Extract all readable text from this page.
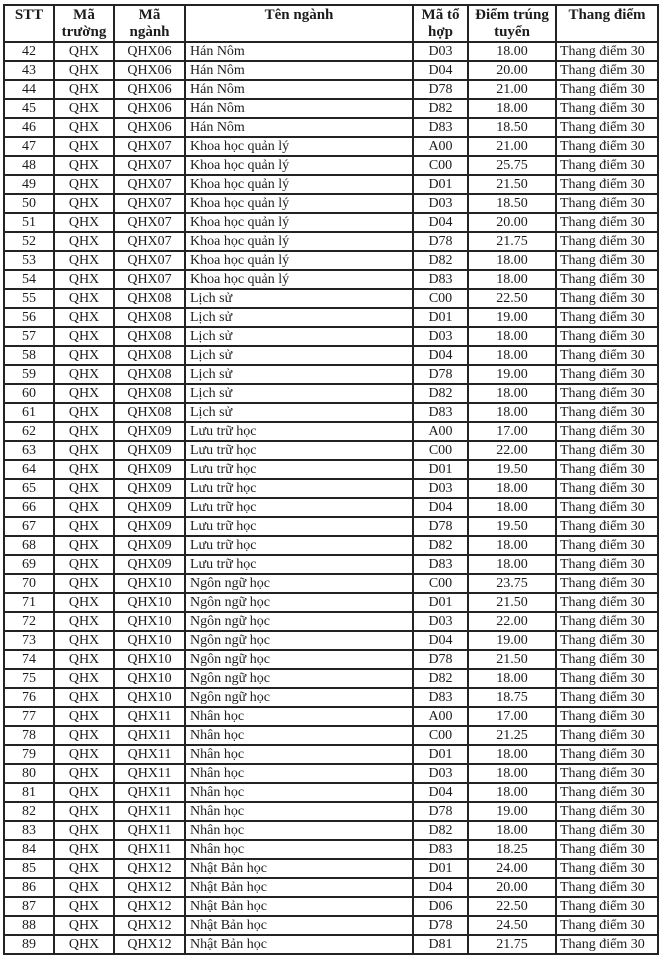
STT	Mã trường	Mã ngành	Tên ngành	Mã tổ hợp	Điểm trúng tuyển	Thang điểm
42	QHX	QHX06	Hán Nôm	D03	18.00	Thang điểm 30
43	QHX	QHX06	Hán Nôm	D04	20.00	Thang điểm 30
44	QHX	QHX06	Hán Nôm	D78	21.00	Thang điểm 30
45	QHX	QHX06	Hán Nôm	D82	18.00	Thang điểm 30
46	QHX	QHX06	Hán Nôm	D83	18.50	Thang điểm 30
47	QHX	QHX07	Khoa học quản lý	A00	21.00	Thang điểm 30
48	QHX	QHX07	Khoa học quản lý	C00	25.75	Thang điểm 30
49	QHX	QHX07	Khoa học quản lý	D01	21.50	Thang điểm 30
50	QHX	QHX07	Khoa học quản lý	D03	18.50	Thang điểm 30
51	QHX	QHX07	Khoa học quản lý	D04	20.00	Thang điểm 30
52	QHX	QHX07	Khoa học quản lý	D78	21.75	Thang điểm 30
53	QHX	QHX07	Khoa học quản lý	D82	18.00	Thang điểm 30
54	QHX	QHX07	Khoa học quản lý	D83	18.00	Thang điểm 30
55	QHX	QHX08	Lịch sử	C00	22.50	Thang điểm 30
56	QHX	QHX08	Lịch sử	D01	19.00	Thang điểm 30
57	QHX	QHX08	Lịch sử	D03	18.00	Thang điểm 30
58	QHX	QHX08	Lịch sử	D04	18.00	Thang điểm 30
59	QHX	QHX08	Lịch sử	D78	19.00	Thang điểm 30
60	QHX	QHX08	Lịch sử	D82	18.00	Thang điểm 30
61	QHX	QHX08	Lịch sử	D83	18.00	Thang điểm 30
62	QHX	QHX09	Lưu trữ học	A00	17.00	Thang điểm 30
63	QHX	QHX09	Lưu trữ học	C00	22.00	Thang điểm 30
64	QHX	QHX09	Lưu trữ học	D01	19.50	Thang điểm 30
65	QHX	QHX09	Lưu trữ học	D03	18.00	Thang điểm 30
66	QHX	QHX09	Lưu trữ học	D04	18.00	Thang điểm 30
67	QHX	QHX09	Lưu trữ học	D78	19.50	Thang điểm 30
68	QHX	QHX09	Lưu trữ học	D82	18.00	Thang điểm 30
69	QHX	QHX09	Lưu trữ học	D83	18.00	Thang điểm 30
70	QHX	QHX10	Ngôn ngữ học	C00	23.75	Thang điểm 30
71	QHX	QHX10	Ngôn ngữ học	D01	21.50	Thang điểm 30
72	QHX	QHX10	Ngôn ngữ học	D03	22.00	Thang điểm 30
73	QHX	QHX10	Ngôn ngữ học	D04	19.00	Thang điểm 30
74	QHX	QHX10	Ngôn ngữ học	D78	21.50	Thang điểm 30
75	QHX	QHX10	Ngôn ngữ học	D82	18.00	Thang điểm 30
76	QHX	QHX10	Ngôn ngữ học	D83	18.75	Thang điểm 30
77	QHX	QHX11	Nhân học	A00	17.00	Thang điểm 30
78	QHX	QHX11	Nhân học	C00	21.25	Thang điểm 30
79	QHX	QHX11	Nhân học	D01	18.00	Thang điểm 30
80	QHX	QHX11	Nhân học	D03	18.00	Thang điểm 30
81	QHX	QHX11	Nhân học	D04	18.00	Thang điểm 30
82	QHX	QHX11	Nhân học	D78	19.00	Thang điểm 30
83	QHX	QHX11	Nhân học	D82	18.00	Thang điểm 30
84	QHX	QHX11	Nhân học	D83	18.25	Thang điểm 30
85	QHX	QHX12	Nhật Bản học	D01	24.00	Thang điểm 30
86	QHX	QHX12	Nhật Bản học	D04	20.00	Thang điểm 30
87	QHX	QHX12	Nhật Bản học	D06	22.50	Thang điểm 30
88	QHX	QHX12	Nhật Bản học	D78	24.50	Thang điểm 30
89	QHX	QHX12	Nhật Bản học	D81	21.75	Thang điểm 30
